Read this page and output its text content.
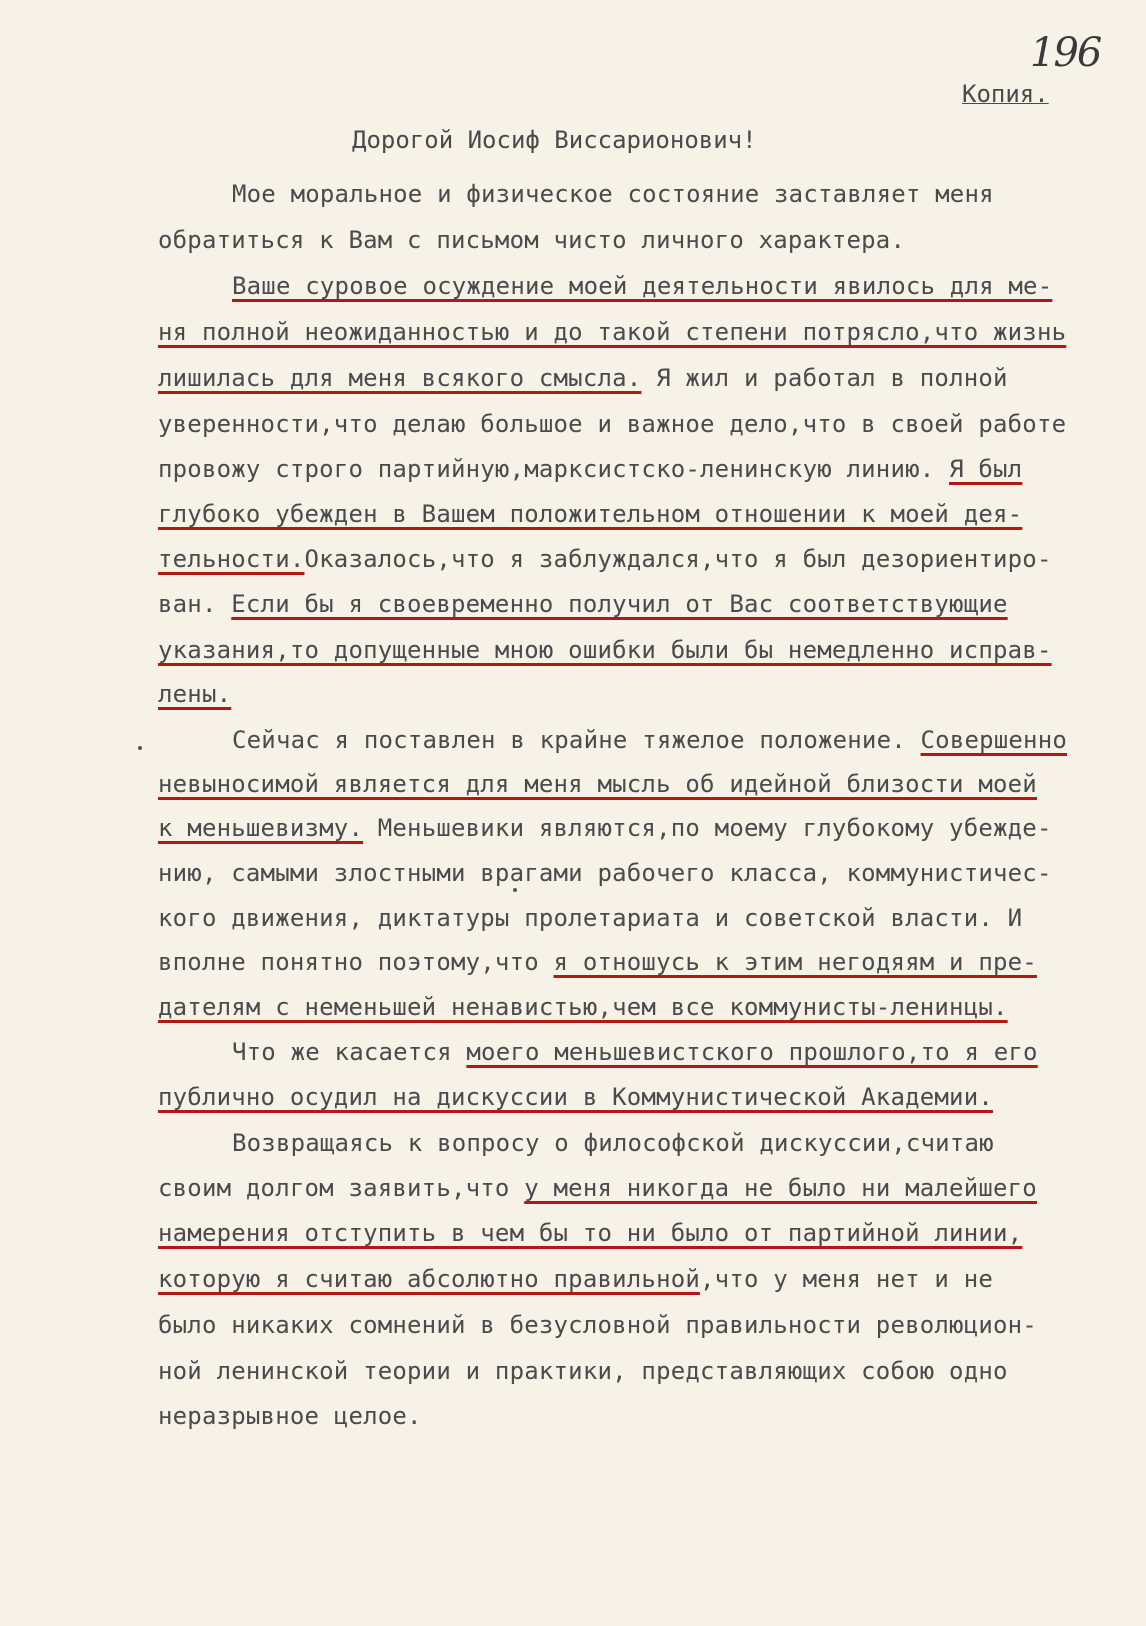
196
Копия.
Дорогой Иосиф Виссарионович!
Мое моральное и физическое состояние заставляет меня
обратиться к Вам с письмом чисто личного характера.
Ваше суровое осуждение моей деятельности явилось для ме-
ня полной неожиданностью и до такой степени потрясло,что жизнь
лишилась для меня всякого смысла. Я жил и работал в полной
уверенности,что делаю большое и важное дело,что в своей работе
провожу строго партийную,марксистско-ленинскую линию. Я был
глубоко убежден в Вашем положительном отношении к моей дея-
тельности.Оказалось,что я заблуждался,что я был дезориентиро-
ван. Если бы я своевременно получил от Вас соответствующие
указания,то допущенные мною ошибки были бы немедленно исправ-
лены.
Сейчас я поставлен в крайне тяжелое положение. Совершенно
невыносимой является для меня мысль об идейной близости моей
к меньшевизму. Меньшевики являются,по моему глубокому убежде-
нию, самыми злостными врагами рабочего класса, коммунистичес-
кого движения, диктатуры пролетариата и советской власти. И
вполне понятно поэтому,что я отношусь к этим негодяям и пре-
дателям с неменьшей ненавистью,чем все коммунисты-ленинцы.
Что же касается моего меньшевистского прошлого,то я его
публично осудил на дискуссии в Коммунистической Академии.
Возвращаясь к вопросу о философской дискуссии,считаю
своим долгом заявить,что у меня никогда не было ни малейшего
намерения отступить в чем бы то ни было от партийной линии,
которую я считаю абсолютно правильной,что у меня нет и не
было никаких сомнений в безусловной правильности революцион-
ной ленинской теории и практики, представляющих собою одно
неразрывное целое.
